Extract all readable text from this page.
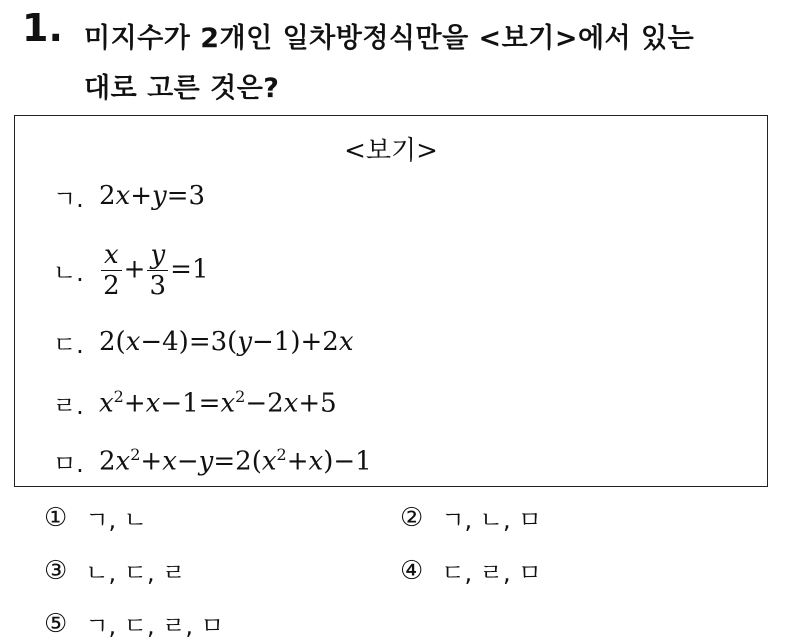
1. 미지수가 2개인 일차방정식만을 <보기>에서 있는
대로 고른 것은?
<보기>
ㄱ. 2x+y=3
ㄴ. $\frac{x}{2} + \frac{y}{3} =1$
ㄷ. 2(x−4)=3(y−1)+2x
ㄹ. $x^2+x-1=x^2-2x+5$
ㅁ. $2x^2+x-y=2(x^2+x)-1$
① ㄱ, ㄴ	② ㄱ, ㄴ, ㅁ
③ ㄴ, ㄷ, ㄹ	④ ㄷ, ㄹ, ㅁ
⑤ ㄱ, ㄷ, ㄹ, ㅁ
